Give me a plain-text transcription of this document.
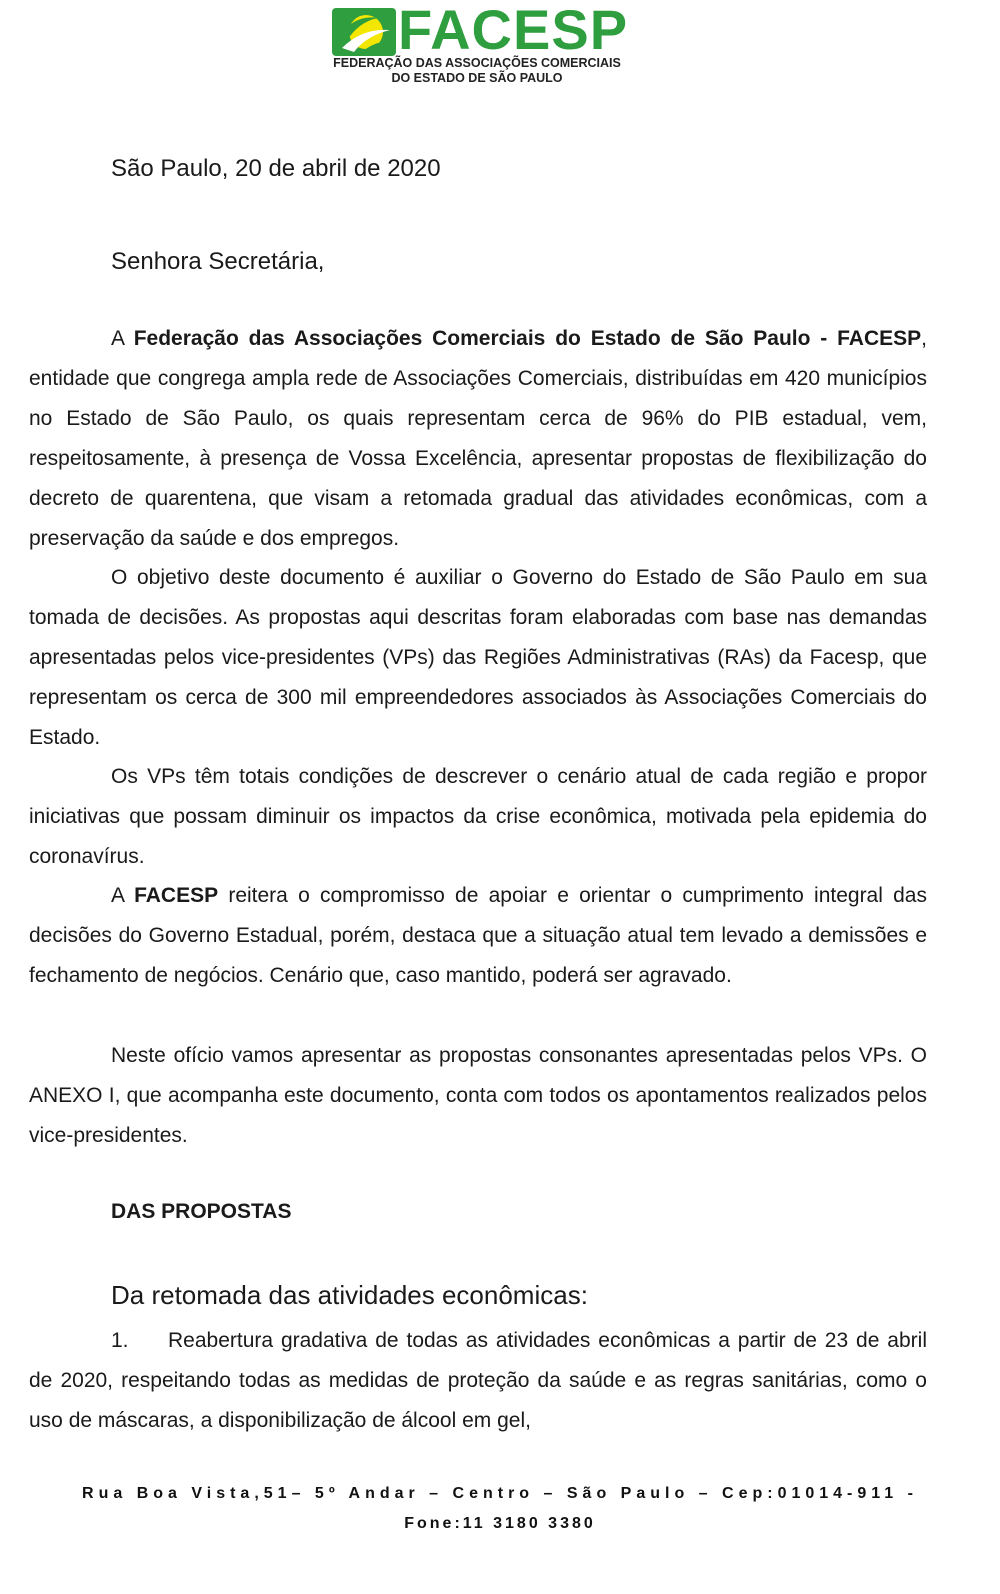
FACESP
FEDERAÇÃO DAS ASSOCIAÇÕES COMERCIAIS
DO ESTADO DE SÃO PAULO

São Paulo, 20 de abril de 2020

Senhora Secretária,

A Federação das Associações Comerciais do Estado de São Paulo - FACESP, entidade que congrega ampla rede de Associações Comerciais, distribuídas em 420 municípios no Estado de São Paulo, os quais representam cerca de 96% do PIB estadual, vem, respeitosamente, à presença de Vossa Excelência, apresentar propostas de flexibilização do decreto de quarentena, que visam a retomada gradual das atividades econômicas, com a preservação da saúde e dos empregos.

O objetivo deste documento é auxiliar o Governo do Estado de São Paulo em sua tomada de decisões. As propostas aqui descritas foram elaboradas com base nas demandas apresentadas pelos vice-presidentes (VPs) das Regiões Administrativas (RAs) da Facesp, que representam os cerca de 300 mil empreendedores associados às Associações Comerciais do Estado.

Os VPs têm totais condições de descrever o cenário atual de cada região e propor iniciativas que possam diminuir os impactos da crise econômica, motivada pela epidemia do coronavírus.

A FACESP reitera o compromisso de apoiar e orientar o cumprimento integral das decisões do Governo Estadual, porém, destaca que a situação atual tem levado a demissões e fechamento de negócios. Cenário que, caso mantido, poderá ser agravado.

Neste ofício vamos apresentar as propostas consonantes apresentadas pelos VPs. O ANEXO I, que acompanha este documento, conta com todos os apontamentos realizados pelos vice-presidentes.

DAS PROPOSTAS

Da retomada das atividades econômicas:

1. Reabertura gradativa de todas as atividades econômicas a partir de 23 de abril de 2020, respeitando todas as medidas de proteção da saúde e as regras sanitárias, como o uso de máscaras, a disponibilização de álcool em gel,

Rua Boa Vista,51– 5º Andar – Centro – São Paulo – Cep:01014-911 -
Fone:11 3180 3380
